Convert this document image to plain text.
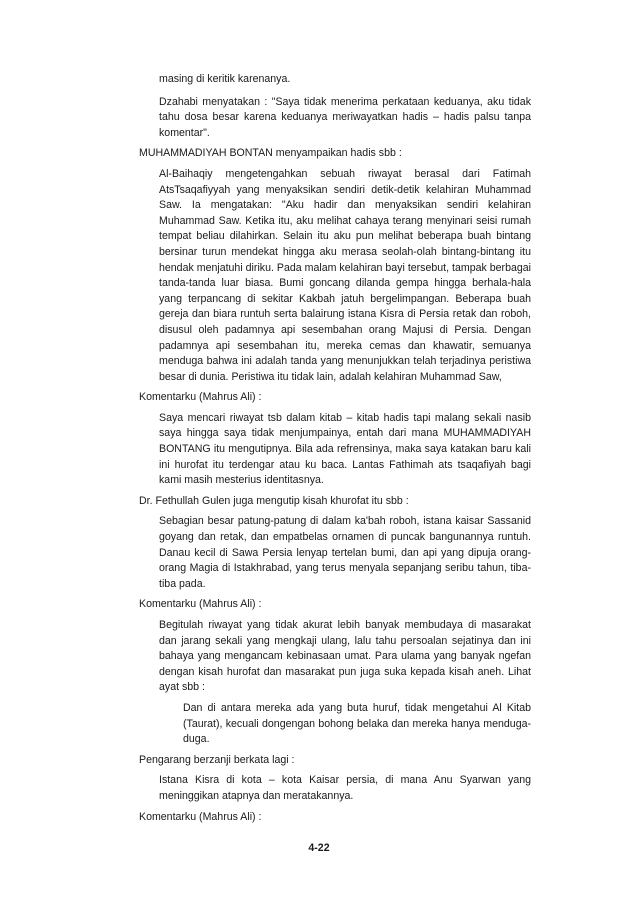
masing di keritik karenanya.

Dzahabi menyatakan : "Saya tidak menerima perkataan keduanya, aku tidak tahu dosa besar karena keduanya meriwayatkan hadis – hadis palsu tanpa komentar".

MUHAMMADIYAH BONTAN menyampaikan hadis sbb :

Al-Baihaqiy mengetengahkan sebuah riwayat berasal dari Fatimah AtsTsaqafiyyah yang menyaksikan sendiri detik-detik kelahiran Muhammad Saw. Ia mengatakan: "Aku hadir dan menyaksikan sendiri kelahiran Muhammad Saw. Ketika itu, aku melihat cahaya terang menyinari seisi rumah tempat beliau dilahirkan. Selain itu aku pun melihat beberapa buah bintang bersinar turun mendekat hingga aku merasa seolah-olah bintang-bintang itu hendak menjatuhi diriku. Pada malam kelahiran bayi tersebut, tampak berbagai tanda-tanda luar biasa. Bumi goncang dilanda gempa hingga berhala-hala yang terpancang di sekitar Kakbah jatuh bergelimpangan. Beberapa buah gereja dan biara runtuh serta balairung istana Kisra di Persia retak dan roboh, disusul oleh padamnya api sesembahan orang Majusi di Persia. Dengan padamnya api sesembahan itu, mereka cemas dan khawatir, semuanya menduga bahwa ini adalah tanda yang menunjukkan telah terjadinya peristiwa besar di dunia. Peristiwa itu tidak lain, adalah kelahiran Muhammad Saw,

Komentarku (Mahrus Ali) :

Saya mencari riwayat tsb dalam kitab – kitab hadis tapi malang sekali nasib saya hingga saya tidak menjumpainya, entah dari mana MUHAMMADIYAH BONTANG itu mengutipnya. Bila ada refrensinya, maka saya katakan baru kali ini hurofat itu terdengar atau ku baca. Lantas Fathimah ats tsaqafiyah bagi kami masih mesterius identitasnya.

Dr. Fethullah Gulen juga mengutip kisah khurofat itu sbb :

Sebagian besar patung-patung di dalam ka'bah roboh, istana kaisar Sassanid goyang dan retak, dan empatbelas ornamen di puncak bangunannya runtuh. Danau kecil di Sawa Persia lenyap tertelan bumi, dan api yang dipuja orang-orang Magia di Istakhrabad, yang terus menyala sepanjang seribu tahun, tiba-tiba pada.

Komentarku (Mahrus Ali) :

Begitulah riwayat yang tidak akurat lebih banyak membudaya di masarakat dan jarang sekali yang mengkaji ulang, lalu tahu persoalan sejatinya dan ini bahaya yang mengancam kebinasaan umat. Para ulama yang banyak ngefan dengan kisah hurofat dan masarakat pun juga suka kepada kisah aneh. Lihat ayat sbb :

Dan di antara mereka ada yang buta huruf, tidak mengetahui Al Kitab (Taurat), kecuali dongengan bohong belaka dan mereka hanya menduga-duga.

Pengarang berzanji berkata lagi :

Istana Kisra di kota – kota Kaisar persia, di mana Anu Syarwan yang meninggikan atapnya dan meratakannya.

Komentarku (Mahrus Ali) :

4-22
